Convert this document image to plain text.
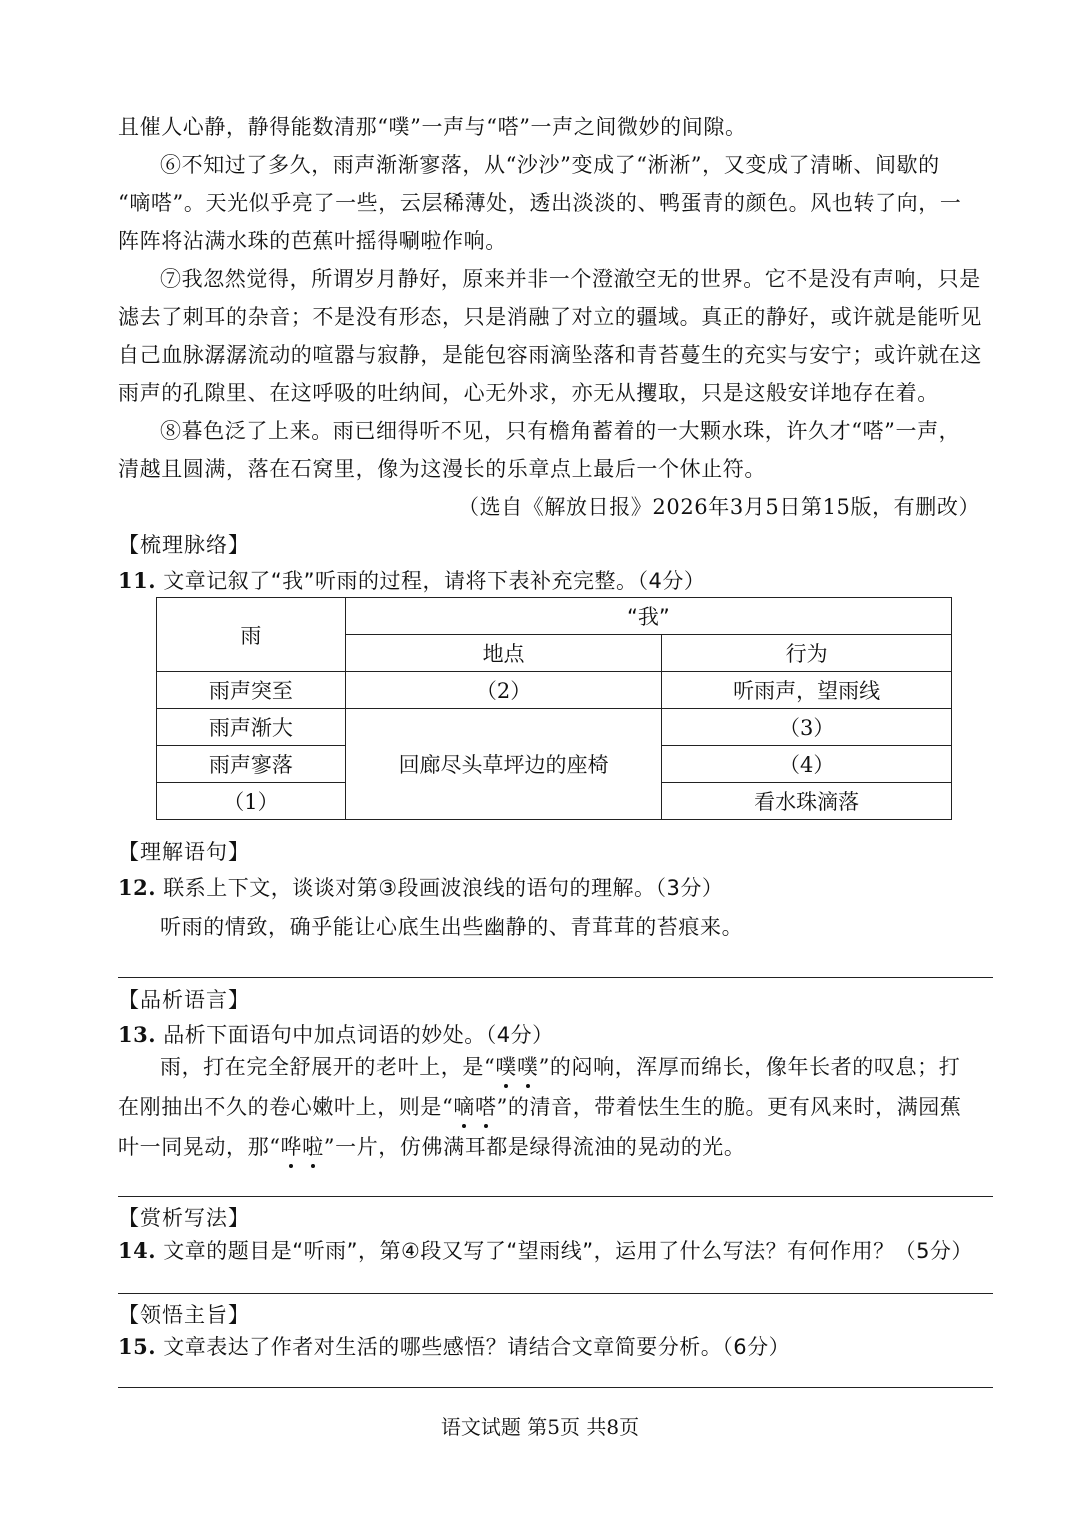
且催人心静，静得能数清那“噗”一声与“嗒”一声之间微妙的间隙。
⑥不知过了多久，雨声渐渐寥落，从“沙沙”变成了“淅淅”，又变成了清晰、间歇的
“嘀嗒”。天光似乎亮了一些，云层稀薄处，透出淡淡的、鸭蛋青的颜色。风也转了向，一
阵阵将沾满水珠的芭蕉叶摇得唰啦作响。
⑦我忽然觉得，所谓岁月静好，原来并非一个澄澈空无的世界。它不是没有声响，只是
滤去了刺耳的杂音；不是没有形态，只是消融了对立的疆域。真正的静好，或许就是能听见
自己血脉潺潺流动的喧嚣与寂静，是能包容雨滴坠落和青苔蔓生的充实与安宁；或许就在这
雨声的孔隙里、在这呼吸的吐纳间，心无外求，亦无从攫取，只是这般安详地存在着。
⑧暮色泛了上来。雨已细得听不见，只有檐角蓄着的一大颗水珠，许久才“嗒”一声，
清越且圆满，落在石窝里，像为这漫长的乐章点上最后一个休止符。
（选自《解放日报》2026年3月5日第15版，有删改）
【梳理脉络】
11. 文章记叙了“我”听雨的过程，请将下表补充完整。（4分）
雨	“我”	
	地点	行为
雨声突至	（2）	听雨声，望雨线
雨声渐大	回廊尽头草坪边的座椅	（3）
雨声寥落		（4）
（1）		看水珠滴落
【理解语句】
12. 联系上下文，谈谈对第③段画波浪线的语句的理解。（3分）
听雨的情致，确乎能让心底生出些幽静的、青茸茸的苔痕来。
【品析语言】
13. 品析下面语句中加点词语的妙处。（4分）
雨，打在完全舒展开的老叶上，是“噗噗”的闷响，浑厚而绵长，像年长者的叹息；打
在刚抽出不久的卷心嫩叶上，则是“嘀嗒”的清音，带着怯生生的脆。更有风来时，满园蕉
叶一同晃动，那“哗啦”一片，仿佛满耳都是绿得流油的晃动的光。
【赏析写法】
14. 文章的题目是“听雨”，第④段又写了“望雨线”，运用了什么写法？有何作用？（5分）
【领悟主旨】
15. 文章表达了作者对生活的哪些感悟？请结合文章简要分析。（6分）
语文试题 第5页 共8页
